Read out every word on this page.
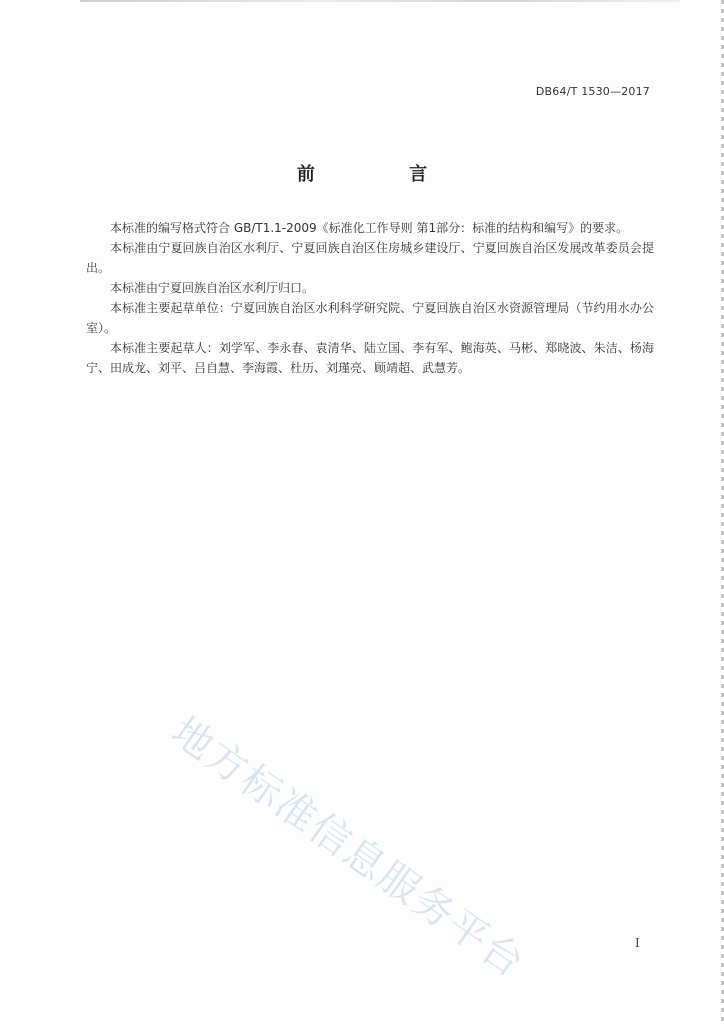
DB64/T 1530—2017
前 言

本标准的编写格式符合 GB/T1.1-2009《标准化工作导则 第1部分：标准的结构和编写》的要求。

本标准由宁夏回族自治区水利厅、宁夏回族自治区住房城乡建设厅、宁夏回族自治区发展改革委员会提出。

本标准由宁夏回族自治区水利厅归口。

本标准主要起草单位：宁夏回族自治区水利科学研究院、宁夏回族自治区水资源管理局（节约用水办公室）。

本标准主要起草人：刘学军、李永春、袁清华、陆立国、李有军、鲍海英、马彬、郑晓波、朱洁、杨海宁、田成龙、刘平、吕自慧、李海霞、杜历、刘瑾亮、顾靖超、武慧芳。

地方标准信息服务平台	I
